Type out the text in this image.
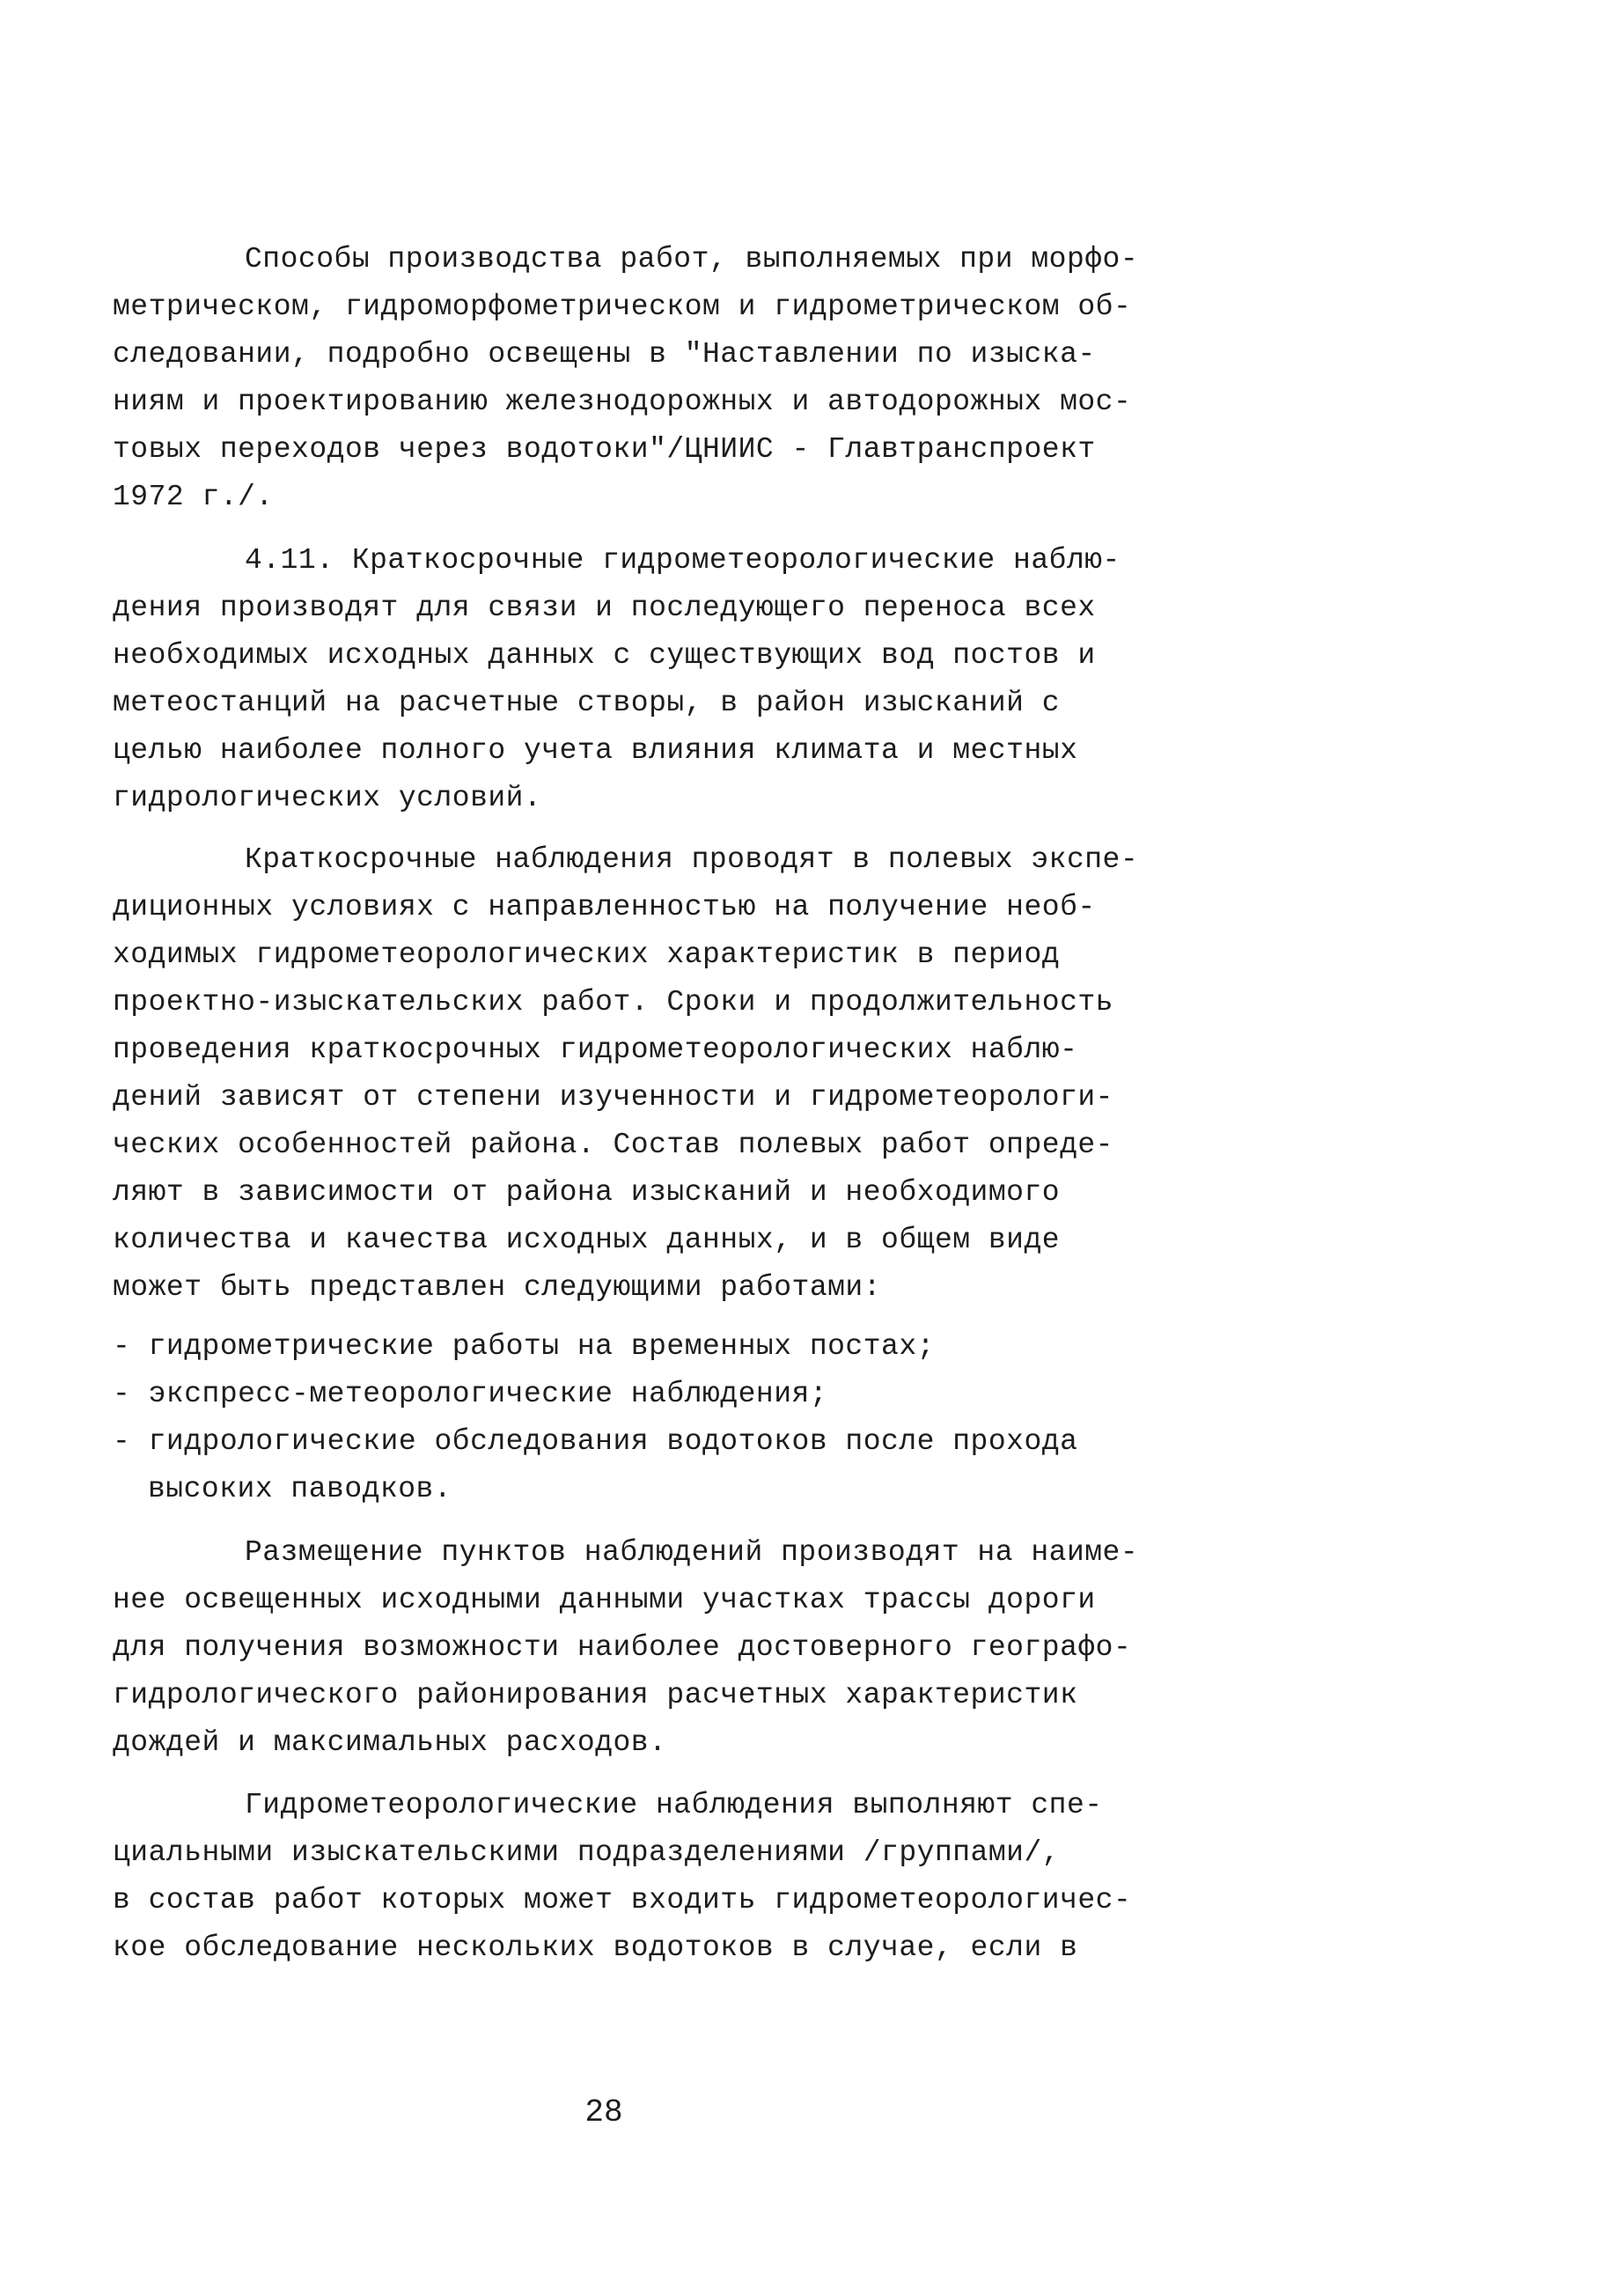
Способы производства работ, выполняемых при морфо-
метрическом, гидроморфометрическом и гидрометрическом об-
следовании, подробно освещены в "Наставлении по изыска-
ниям и проектированию железнодорожных и автодорожных мос-
товых переходов через водотоки"/ЦНИИС - Главтранспроект
1972 г./.
4.11. Краткосрочные гидрометеорологические наблю-
дения производят для связи и последующего переноса всех
необходимых исходных данных с существующих вод постов и
метеостанций на расчетные створы, в район изысканий с
целью наиболее полного учета влияния климата и местных
гидрологических условий.
Краткосрочные наблюдения проводят в полевых экспе-
диционных условиях с направленностью на получение необ-
ходимых гидрометеорологических характеристик в период
проектно-изыскательских работ. Сроки и продолжительность
проведения краткосрочных гидрометеорологических наблю-
дений зависят от степени изученности и гидрометеорологи-
ческих особенностей района. Состав полевых работ опреде-
ляют в зависимости от района изысканий и необходимого
количества и качества исходных данных, и в общем виде
может быть представлен следующими работами:
- гидрометрические работы на временных постах;
- экспресс-метеорологические наблюдения;
- гидрологические обследования водотоков после прохода
высоких паводков.
Размещение пунктов наблюдений производят на наиме-
нее освещенных исходными данными участках трассы дороги
для получения возможности наиболее достоверного географо-
гидрологического районирования расчетных характеристик
дождей и максимальных расходов.
Гидрометеорологические наблюдения выполняют спе-
циальными изыскательскими подразделениями /группами/,
в состав работ которых может входить гидрометеорологичес-
кое обследование нескольких водотоков в случае, если в
28
